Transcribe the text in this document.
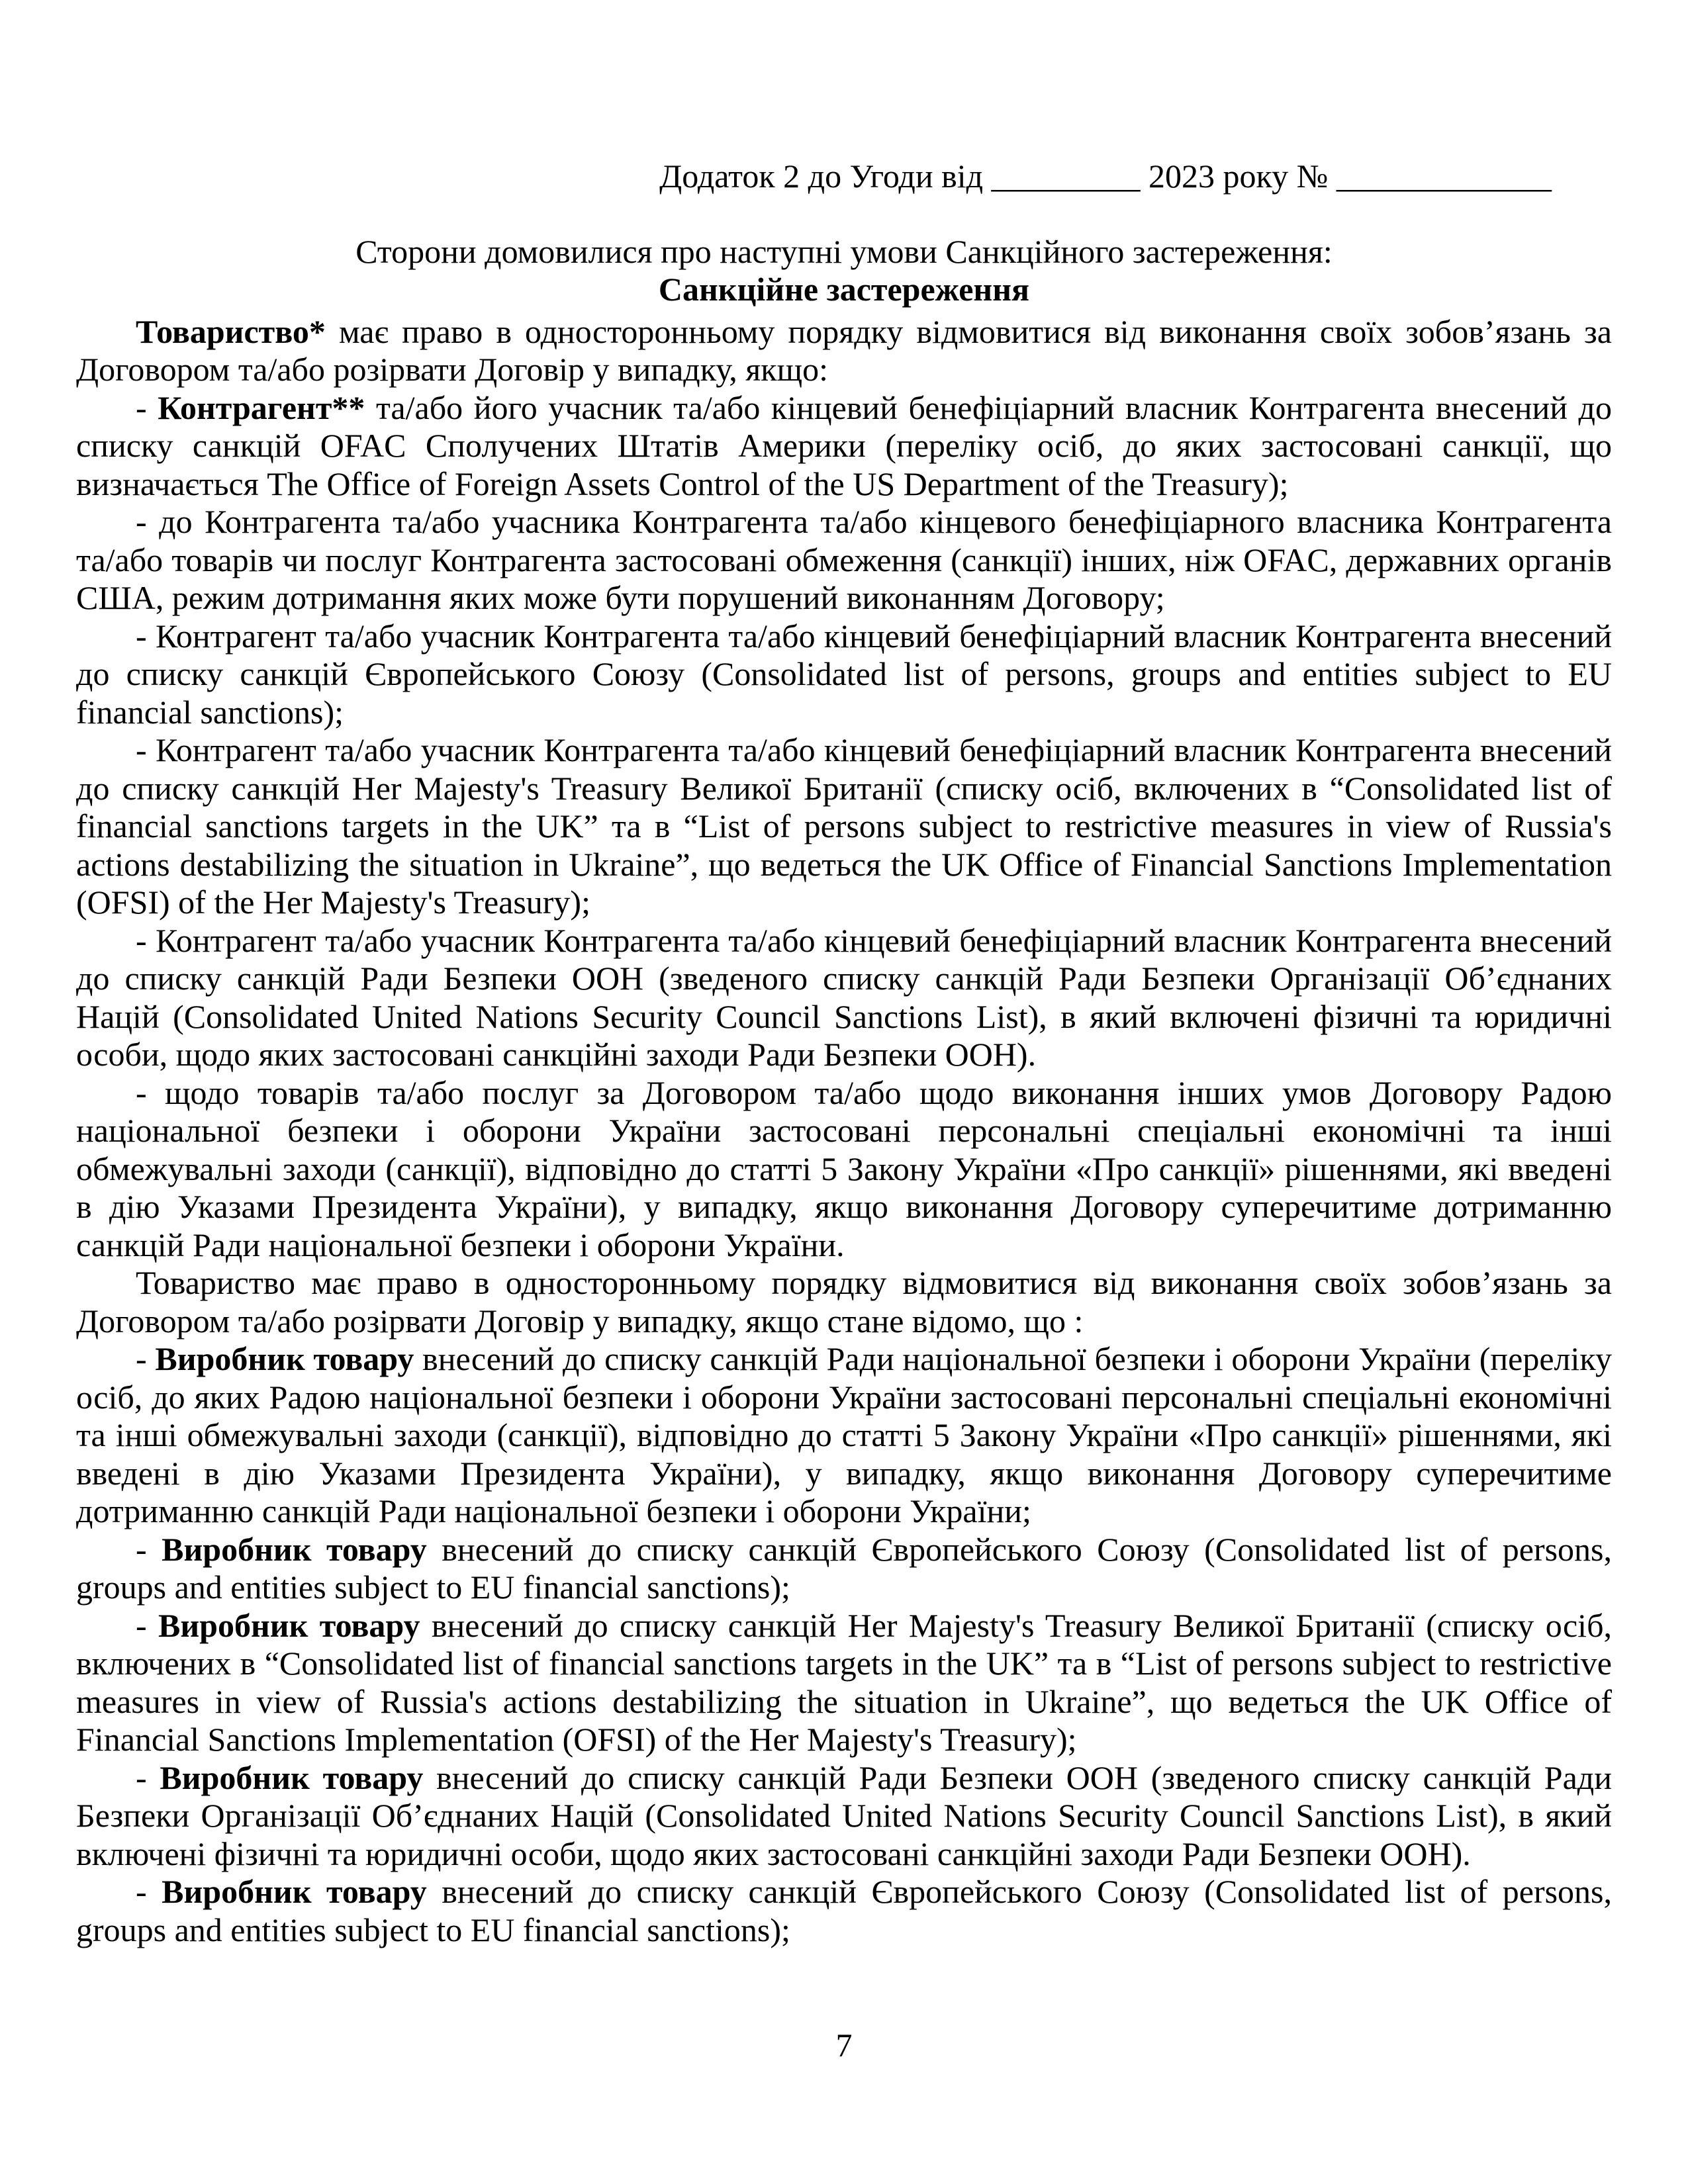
Додаток 2 до Угоди від _________ 2023 року № _____________

Сторони домовилися про наступні умови Санкційного застереження:

Санкційне застереження

Товариство* має право в односторонньому порядку відмовитися від виконання своїх зобов’язань за Договором та/або розірвати Договір у випадку, якщо:

- Контрагент** та/або його учасник та/або кінцевий бенефіціарний власник Контрагента внесений до списку санкцій OFAC Сполучених Штатів Америки (переліку осіб, до яких застосовані санкції, що визначається The Office of Foreign Assets Control of the US Department of the Treasury);

- до Контрагента та/або учасника Контрагента та/або кінцевого бенефіціарного власника Контрагента та/або товарів чи послуг Контрагента застосовані обмеження (санкції) інших, ніж OFAC, державних органів США, режим дотримання яких може бути порушений виконанням Договору;

- Контрагент та/або учасник Контрагента та/або кінцевий бенефіціарний власник Контрагента внесений до списку санкцій Європейського Союзу (Consolidated list of persons, groups and entities subject to EU financial sanctions);

- Контрагент та/або учасник Контрагента та/або кінцевий бенефіціарний власник Контрагента внесений до списку санкцій Her Majesty's Treasury Великої Британії (списку осіб, включених в “Consolidated list of financial sanctions targets in the UK” та в “List of persons subject to restrictive measures in view of Russia's actions destabilizing the situation in Ukraine”, що ведеться the UK Office of Financial Sanctions Implementation (OFSI) of the Her Majesty's Treasury);

- Контрагент та/або учасник Контрагента та/або кінцевий бенефіціарний власник Контрагента внесений до списку санкцій Ради Безпеки ООН (зведеного списку санкцій Ради Безпеки Організації Об’єднаних Націй (Consolidated United Nations Security Council Sanctions List), в який включені фізичні та юридичні особи, щодо яких застосовані санкційні заходи Ради Безпеки ООН).

- щодо товарів та/або послуг за Договором та/або щодо виконання інших умов Договору Радою національної безпеки і оборони України застосовані персональні спеціальні економічні та інші обмежувальні заходи (санкції), відповідно до статті 5 Закону України «Про санкції» рішеннями, які введені в дію Указами Президента України), у випадку, якщо виконання Договору суперечитиме дотриманню санкцій Ради національної безпеки і оборони України.

Товариство має право в односторонньому порядку відмовитися від виконання своїх зобов’язань за Договором та/або розірвати Договір у випадку, якщо стане відомо, що :

- Виробник товару внесений до списку санкцій Ради національної безпеки і оборони України (переліку осіб, до яких Радою національної безпеки і оборони України застосовані персональні спеціальні економічні та інші обмежувальні заходи (санкції), відповідно до статті 5 Закону України «Про санкції» рішеннями, які введені в дію Указами Президента України), у випадку, якщо виконання Договору суперечитиме дотриманню санкцій Ради національної безпеки і оборони України;

- Виробник товару внесений до списку санкцій Європейського Союзу (Consolidated list of persons, groups and entities subject to EU financial sanctions);

- Виробник товару внесений до списку санкцій Her Majesty's Treasury Великої Британії (списку осіб, включених в “Consolidated list of financial sanctions targets in the UK” та в “List of persons subject to restrictive measures in view of Russia's actions destabilizing the situation in Ukraine”, що ведеться the UK Office of Financial Sanctions Implementation (OFSI) of the Her Majesty's Treasury);

- Виробник товару внесений до списку санкцій Ради Безпеки ООН (зведеного списку санкцій Ради Безпеки Організації Об’єднаних Націй (Consolidated United Nations Security Council Sanctions List), в який включені фізичні та юридичні особи, щодо яких застосовані санкційні заходи Ради Безпеки ООН).

- Виробник товару внесений до списку санкцій Європейського Союзу (Consolidated list of persons, groups and entities subject to EU financial sanctions);

7
